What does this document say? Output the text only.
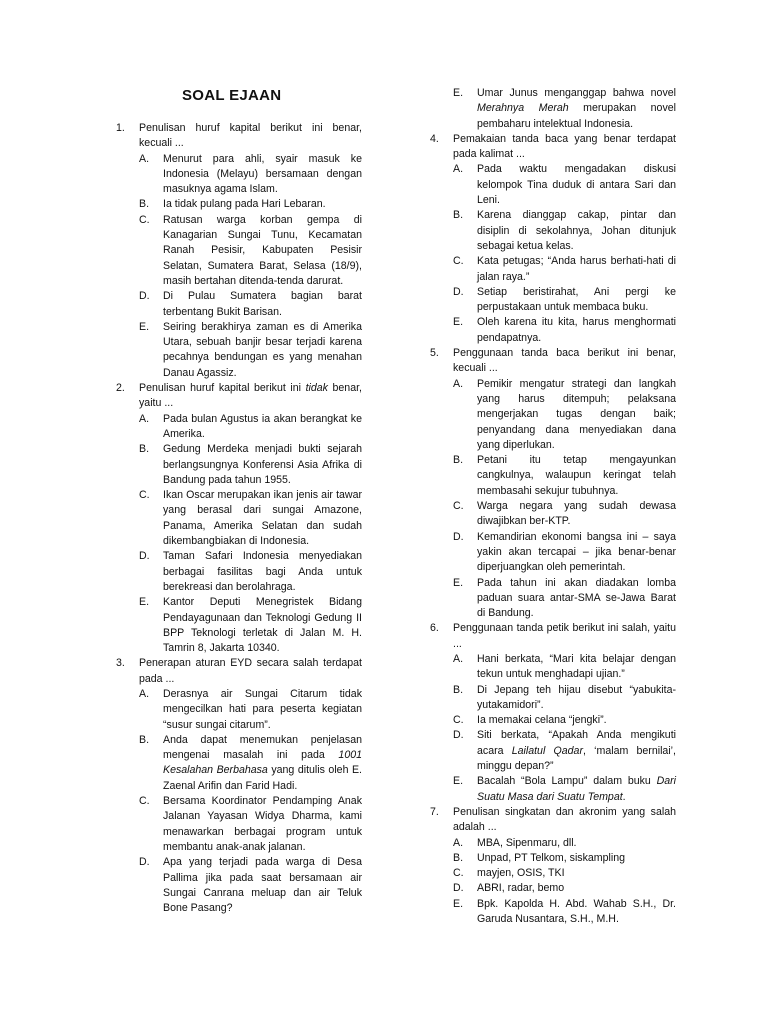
SOAL EJAAN
1. Penulisan huruf kapital berikut ini benar, kecuali ...
A. Menurut para ahli, syair masuk ke Indonesia (Melayu) bersamaan dengan masuknya agama Islam.
B. Ia tidak pulang pada Hari Lebaran.
C. Ratusan warga korban gempa di Kanagarian Sungai Tunu, Kecamatan Ranah Pesisir, Kabupaten Pesisir Selatan, Sumatera Barat, Selasa (18/9), masih bertahan ditenda-tenda darurat.
D. Di Pulau Sumatera bagian barat terbentang Bukit Barisan.
E. Seiring berakhirya zaman es di Amerika Utara, sebuah banjir besar terjadi karena pecahnya bendungan es yang menahan Danau Agassiz.
2. Penulisan huruf kapital berikut ini tidak benar, yaitu ...
A. Pada bulan Agustus ia akan berangkat ke Amerika.
B. Gedung Merdeka menjadi bukti sejarah berlangsungnya Konferensi Asia Afrika di Bandung pada tahun 1955.
C. Ikan Oscar merupakan ikan jenis air tawar yang berasal dari sungai Amazone, Panama, Amerika Selatan dan sudah dikembangbiakan di Indonesia.
D. Taman Safari Indonesia menyediakan berbagai fasilitas bagi Anda untuk berekreasi dan berolahraga.
E. Kantor Deputi Menegristek Bidang Pendayagunaan dan Teknologi Gedung II BPP Teknologi terletak di Jalan M. H. Tamrin 8, Jakarta 10340.
3. Penerapan aturan EYD secara salah terdapat pada ...
A. Derasnya air Sungai Citarum tidak mengecilkan hati para peserta kegiatan “susur sungai citarum”.
B. Anda dapat menemukan penjelasan mengenai masalah ini pada 1001 Kesalahan Berbahasa yang ditulis oleh E. Zaenal Arifin dan Farid Hadi.
C. Bersama Koordinator Pendamping Anak Jalanan Yayasan Widya Dharma, kami menawarkan berbagai program untuk membantu anak-anak jalanan.
D. Apa yang terjadi pada warga di Desa Pallima jika pada saat bersamaan air Sungai Canrana meluap dan air Teluk Bone Pasang?
E. Umar Junus menganggap bahwa novel Merahnya Merah merupakan novel pembaharu intelektual Indonesia.
4. Pemakaian tanda baca yang benar terdapat pada kalimat ...
A. Pada waktu mengadakan diskusi kelompok Tina duduk di antara Sari dan Leni.
B. Karena dianggap cakap, pintar dan disiplin di sekolahnya, Johan ditunjuk sebagai ketua kelas.
C. Kata petugas; “Anda harus berhati-hati di jalan raya.”
D. Setiap beristirahat, Ani pergi ke perpustakaan untuk membaca buku.
E. Oleh karena itu kita, harus menghormati pendapatnya.
5. Penggunaan tanda baca berikut ini benar, kecuali ...
A. Pemikir mengatur strategi dan langkah yang harus ditempuh; pelaksana mengerjakan tugas dengan baik; penyandang dana menyediakan dana yang diperlukan.
B. Petani itu tetap mengayunkan cangkulnya, walaupun keringat telah membasahi sekujur tubuhnya.
C. Warga negara yang sudah dewasa diwajibkan ber-KTP.
D. Kemandirian ekonomi bangsa ini – saya yakin akan tercapai – jika benar-benar diperjuangkan oleh pemerintah.
E. Pada tahun ini akan diadakan lomba paduan suara antar-SMA se-Jawa Barat di Bandung.
6. Penggunaan tanda petik berikut ini salah, yaitu ...
A. Hani berkata, “Mari kita belajar dengan tekun untuk menghadapi ujian.”
B. Di Jepang teh hijau disebut “yabukita-yutakamidori”.
C. Ia memakai celana “jengki”.
D. Siti berkata, “Apakah Anda mengikuti acara Lailatul Qadar, ‘malam bernilai’, minggu depan?”
E. Bacalah “Bola Lampu” dalam buku Dari Suatu Masa dari Suatu Tempat.
7. Penulisan singkatan dan akronim yang salah adalah ...
A. MBA, Sipenmaru, dll.
B. Unpad, PT Telkom, siskampling
C. mayjen, OSIS, TKI
D. ABRI, radar, bemo
E. Bpk. Kapolda H. Abd. Wahab S.H., Dr. Garuda Nusantara, S.H., M.H.
